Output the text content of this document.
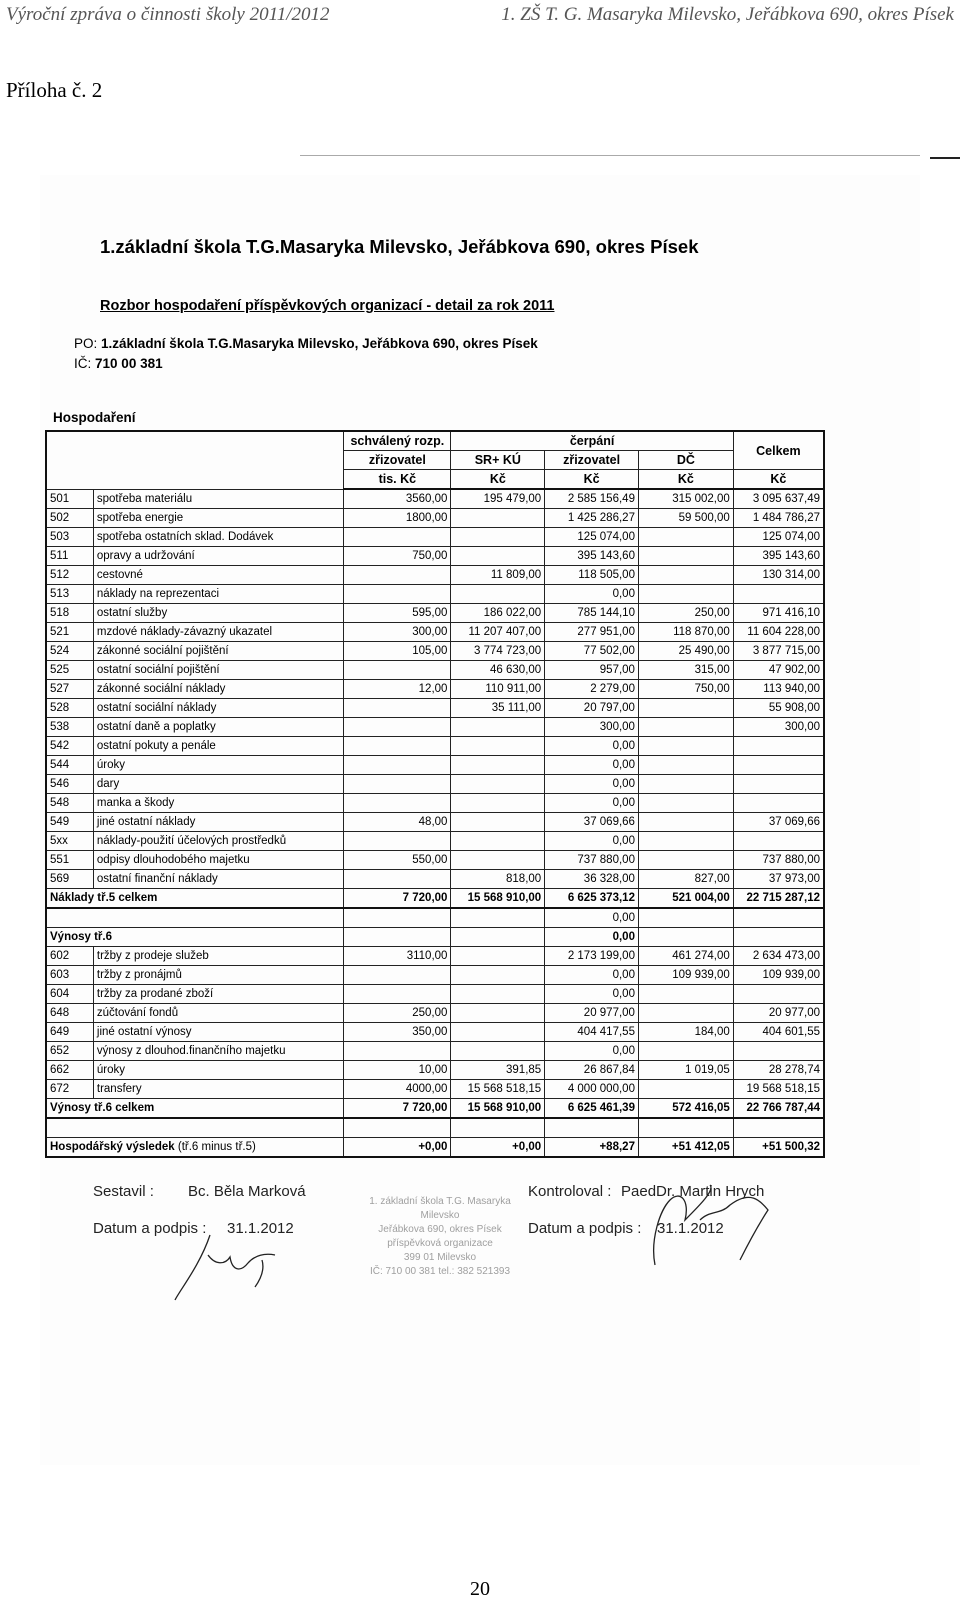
Výroční zpráva o činnosti školy 2011/2012	1. ZŠ T. G. Masaryka Milevsko, Jeřábkova 690, okres Písek
Příloha č. 2
1.základní škola T.G.Masaryka Milevsko, Jeřábkova 690, okres Písek
Rozbor hospodaření příspěvkových organizací - detail za rok 2011
PO: 1.základní škola T.G.Masaryka Milevsko, Jeřábkova 690, okres Písek
IČ: 710 00 381
Hospodaření
		schválený rozp.	čerpání			Celkem
		zřizovatel	SR+ KÚ	zřizovatel	DČ	
		tis. Kč	Kč	Kč	Kč	Kč
501	spotřeba materiálu	3560,00	195 479,00	2 585 156,49	315 002,00	3 095 637,49
502	spotřeba energie	1800,00		1 425 286,27	59 500,00	1 484 786,27
503	spotřeba ostatních sklad. Dodávek			125 074,00		125 074,00
511	opravy a udržování	750,00		395 143,60		395 143,60
512	cestovné		11 809,00	118 505,00		130 314,00
513	náklady na reprezentaci			0,00		
518	ostatní služby	595,00	186 022,00	785 144,10	250,00	971 416,10
521	mzdové náklady-závazný ukazatel	300,00	11 207 407,00	277 951,00	118 870,00	11 604 228,00
524	zákonné sociální pojištění	105,00	3 774 723,00	77 502,00	25 490,00	3 877 715,00
525	ostatní sociální pojištění		46 630,00	957,00	315,00	47 902,00
527	zákonné sociální náklady	12,00	110 911,00	2 279,00	750,00	113 940,00
528	ostatní sociální náklady		35 111,00	20 797,00		55 908,00
538	ostatní daně a poplatky			300,00		300,00
542	ostatní pokuty a penále			0,00		
544	úroky			0,00		
546	dary			0,00		
548	manka a škody			0,00		
549	jiné ostatní náklady	48,00		37 069,66		37 069,66
5xx	náklady-použití účelových prostředků			0,00		
551	odpisy dlouhodobého majetku	550,00		737 880,00		737 880,00
569	ostatní finanční náklady		818,00	36 328,00	827,00	37 973,00
Náklady tř.5 celkem		7 720,00	15 568 910,00	6 625 373,12	521 004,00	22 715 287,12
				0,00		
Výnosy tř.6				0,00		
602	tržby z prodeje služeb	3110,00		2 173 199,00	461 274,00	2 634 473,00
603	tržby z pronájmů			0,00	109 939,00	109 939,00
604	tržby za prodané zboží			0,00		
648	zúčtování fondů	250,00		20 977,00		20 977,00
649	jiné ostatní výnosy	350,00		404 417,55	184,00	404 601,55
652	výnosy z dlouhod.finančního majetku			0,00		
662	úroky	10,00	391,85	26 867,84	1 019,05	28 278,74
672	transfery	4000,00	15 568 518,15	4 000 000,00		19 568 518,15
Výnosy tř.6 celkem		7 720,00	15 568 910,00	6 625 461,39	572 416,05	22 766 787,44

Hospodářský výsledek (tř.6 minus tř.5)		+0,00	+0,00	+88,27	+51 412,05	+51 500,32
Sestavil : Bc. Běla Marková
Datum a podpis : 31.1.2012
Kontroloval : PaedDr. Martin Hrych
Datum a podpis : 31.1.2012
1. základní škola T.G. Masaryka Milevsko
Jeřábkova 690, okres Písek
příspěvková organizace
399 01 Milevsko
IČ: 710 00 381 tel.: 382 521393
20
